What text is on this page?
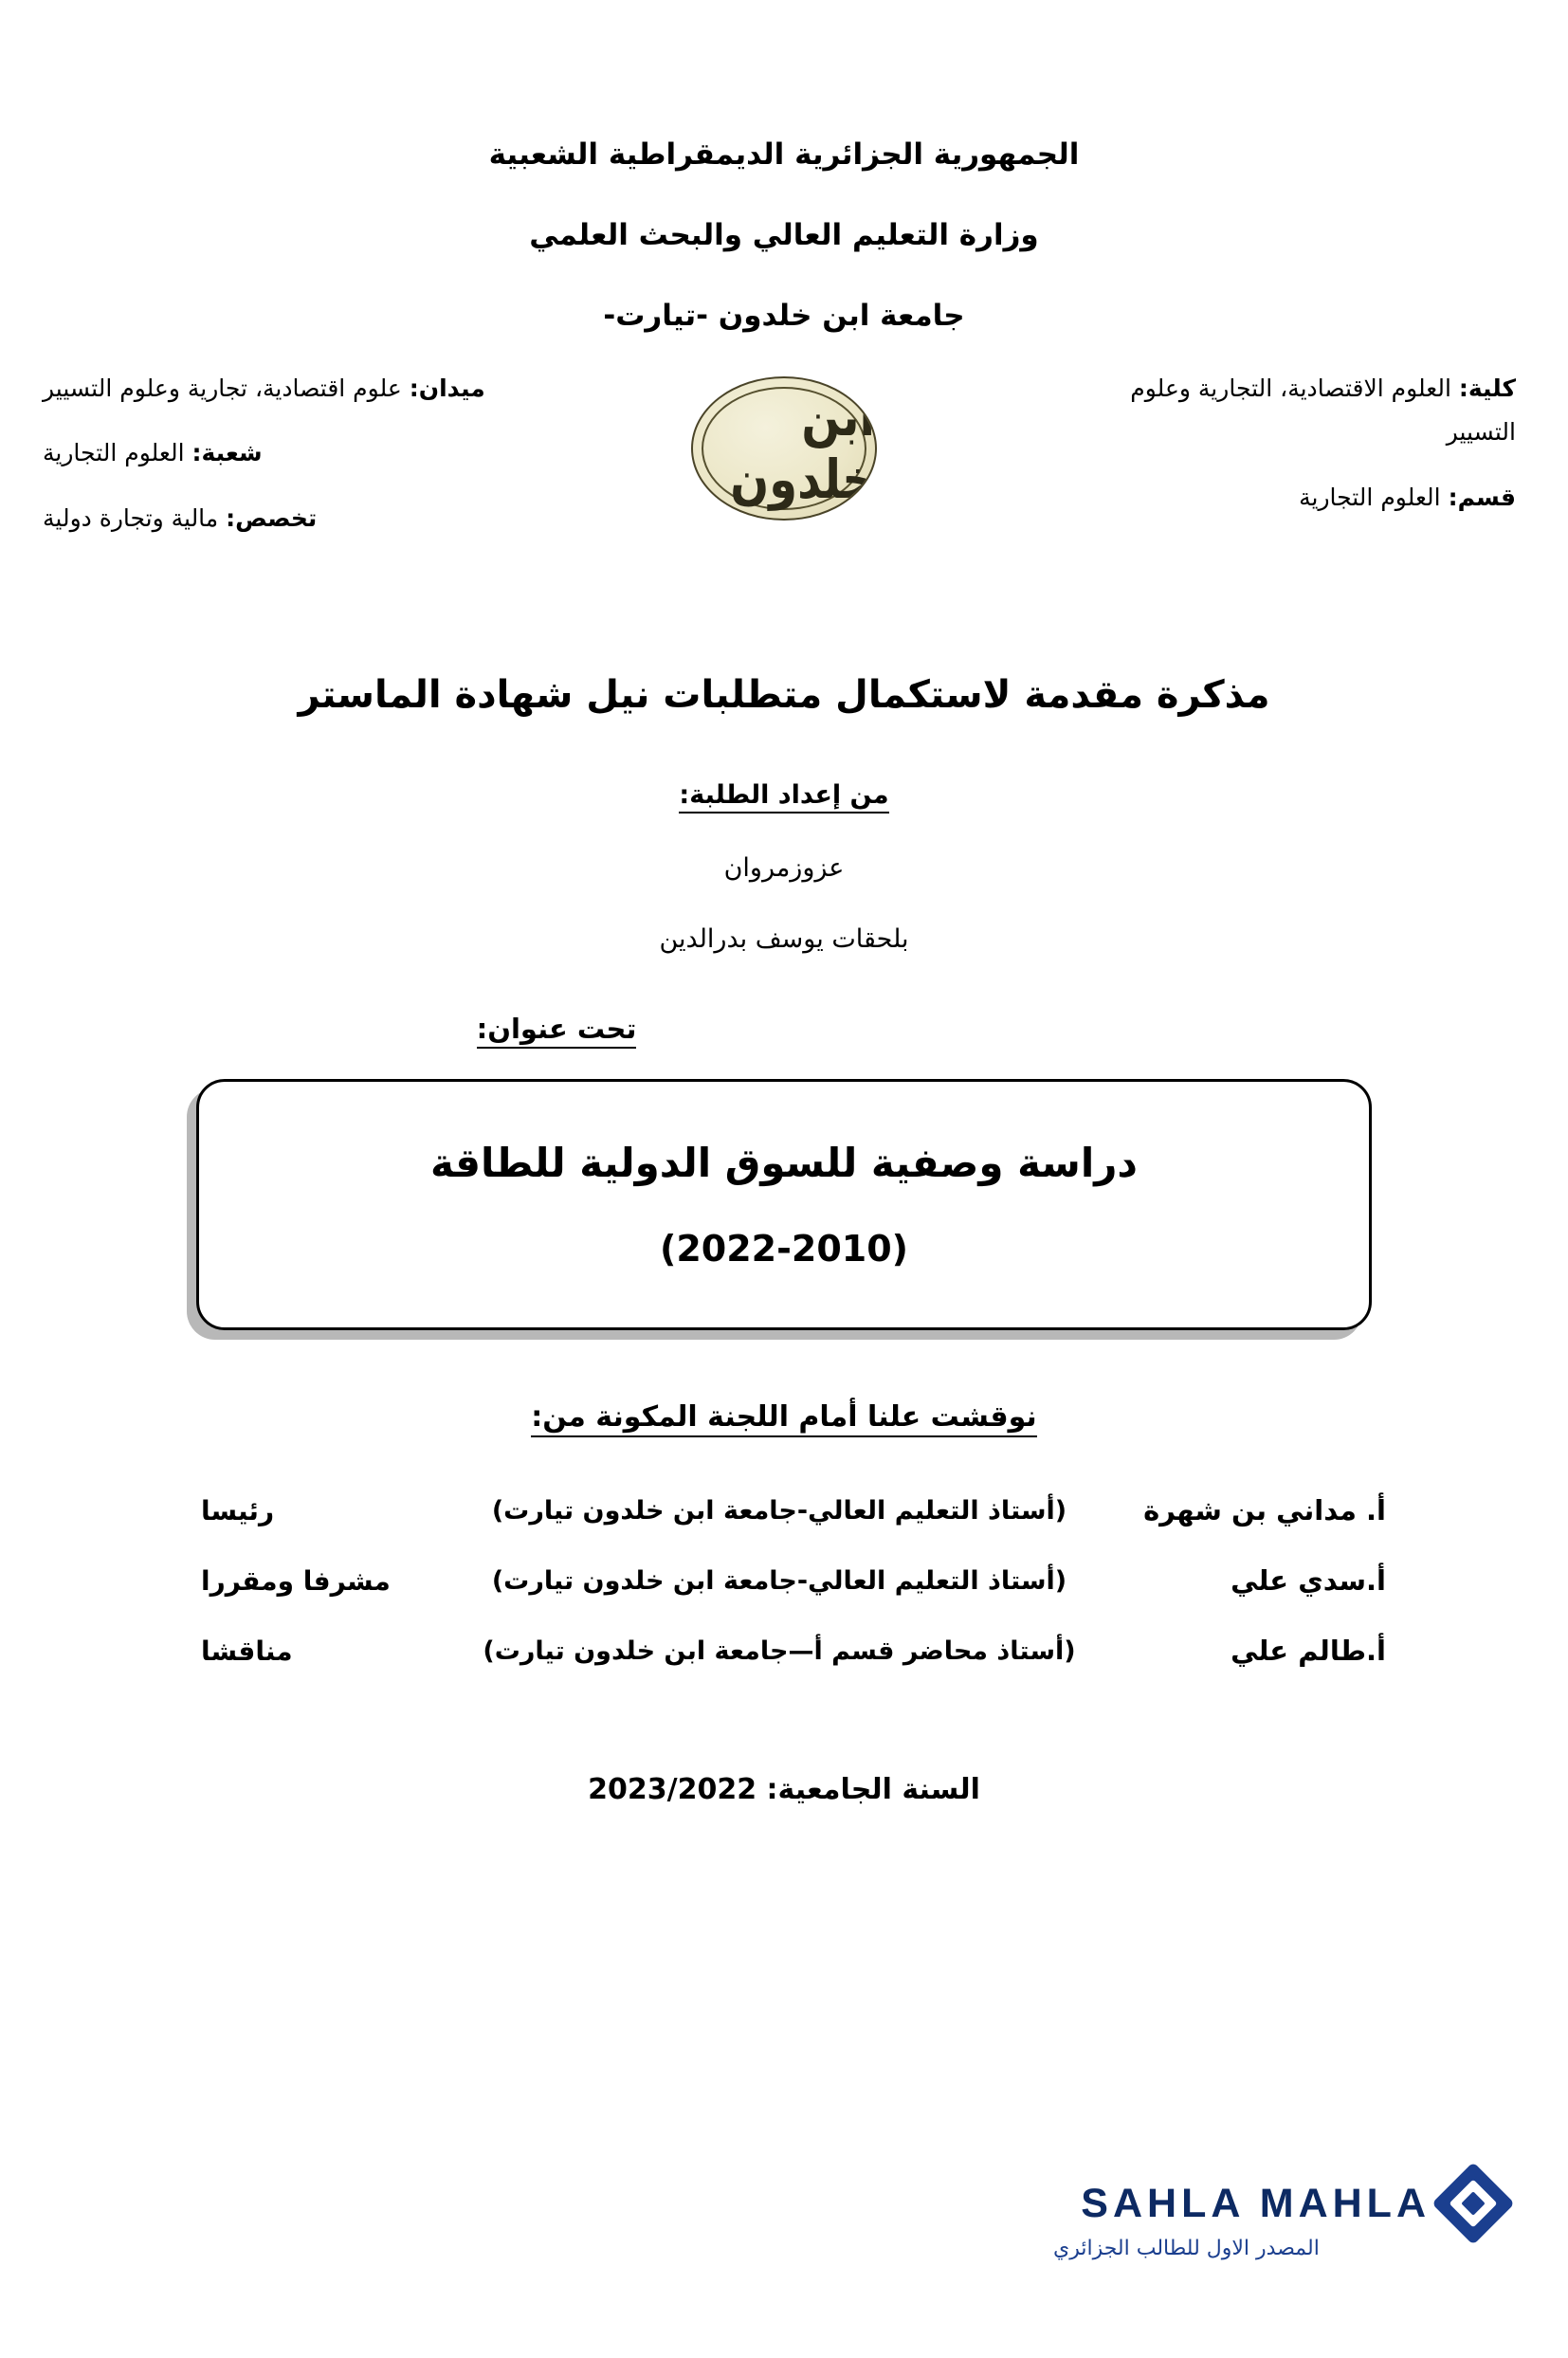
الجمهورية الجزائرية الديمقراطية الشعبية
وزارة التعليم العالي والبحث العلمي
جامعة ابن خلدون -تيارت-
كلية: العلوم الاقتصادية، التجارية وعلوم التسيير
قسم: العلوم التجارية
ابن خلدون
ميدان: علوم اقتصادية، تجارية وعلوم التسيير
شعبة: العلوم التجارية
تخصص: مالية وتجارة دولية
مذكرة مقدمة لاستكمال متطلبات نيل شهادة الماستر
من إعداد الطلبة:
عزوزمروان
بلحقات يوسف بدرالدين
تحت عنوان:
دراسة وصفية للسوق الدولية للطاقة
(2022-2010)
نوقشت علنا أمام اللجنة المكونة من:
أ. مداني بن شهرة	(أستاذ التعليم العالي-جامعة ابن خلدون تيارت)	رئيسا
أ.سدي علي	(أستاذ التعليم العالي-جامعة ابن خلدون تيارت)	مشرفا ومقررا
أ.طالم علي	(أستاذ محاضر قسم أ—جامعة ابن خلدون تيارت)	مناقشا
السنة الجامعية: 2023/2022
SAHLA MAHLA
المصدر الاول للطالب الجزائري
